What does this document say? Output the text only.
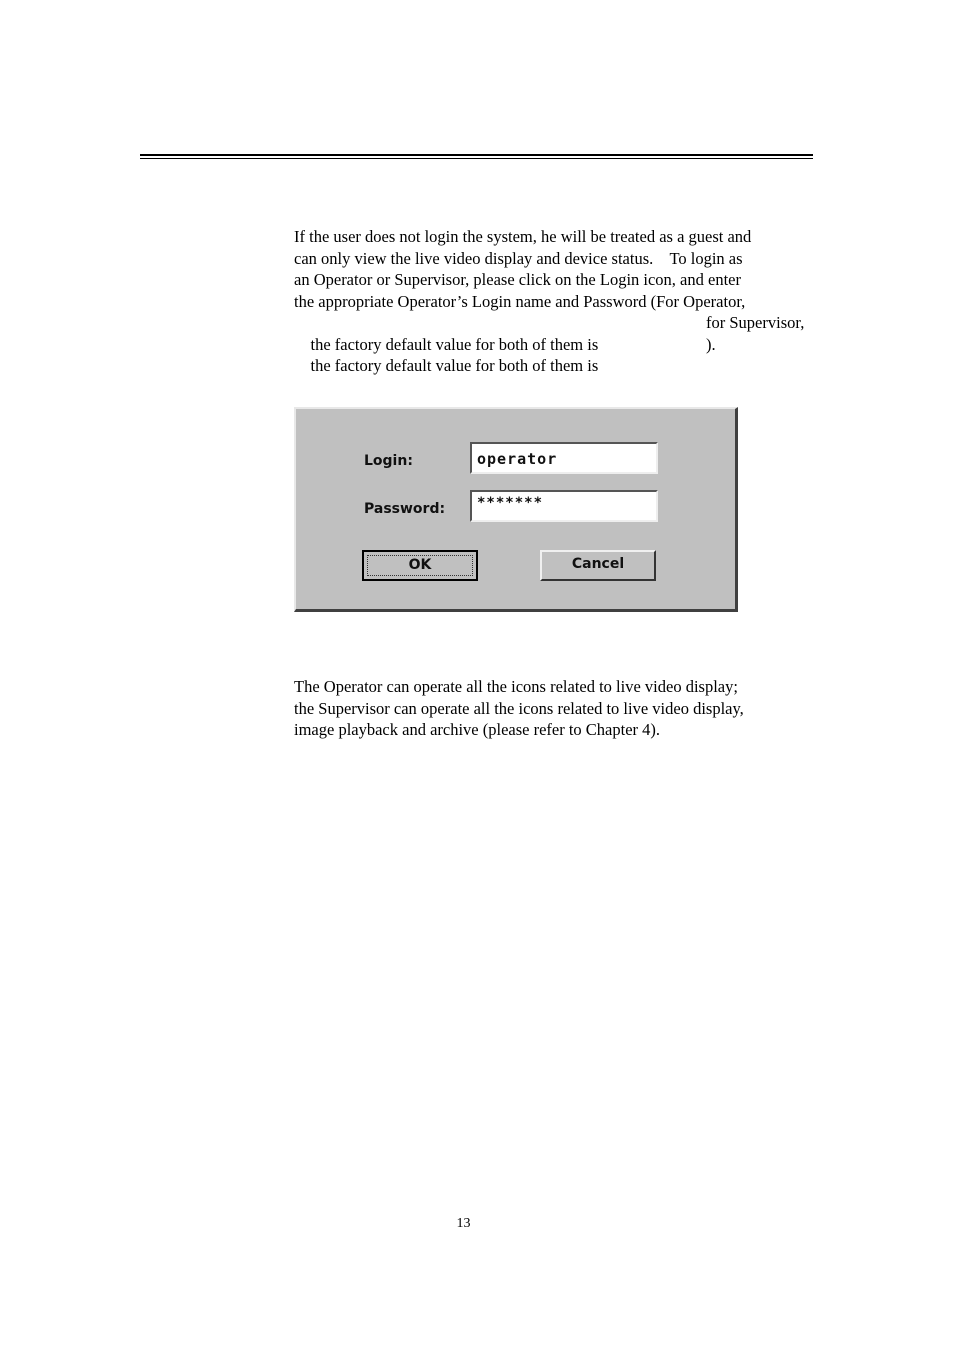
If the user does not login the system, he will be treated as a guest and
can only view the live video display and device status.    To login as
an Operator or Supervisor, please click on the Login icon, and enter
the appropriate Operator’s Login name and Password (For Operator,

the factory default value for both of them is
for Supervisor,

the factory default value for both of them is
).

Login:	operator
Password:	*******
OK	Cancel
The Operator can operate all the icons related to live video display;
the Supervisor can operate all the icons related to live video display,
image playback and archive (please refer to Chapter 4).
13
